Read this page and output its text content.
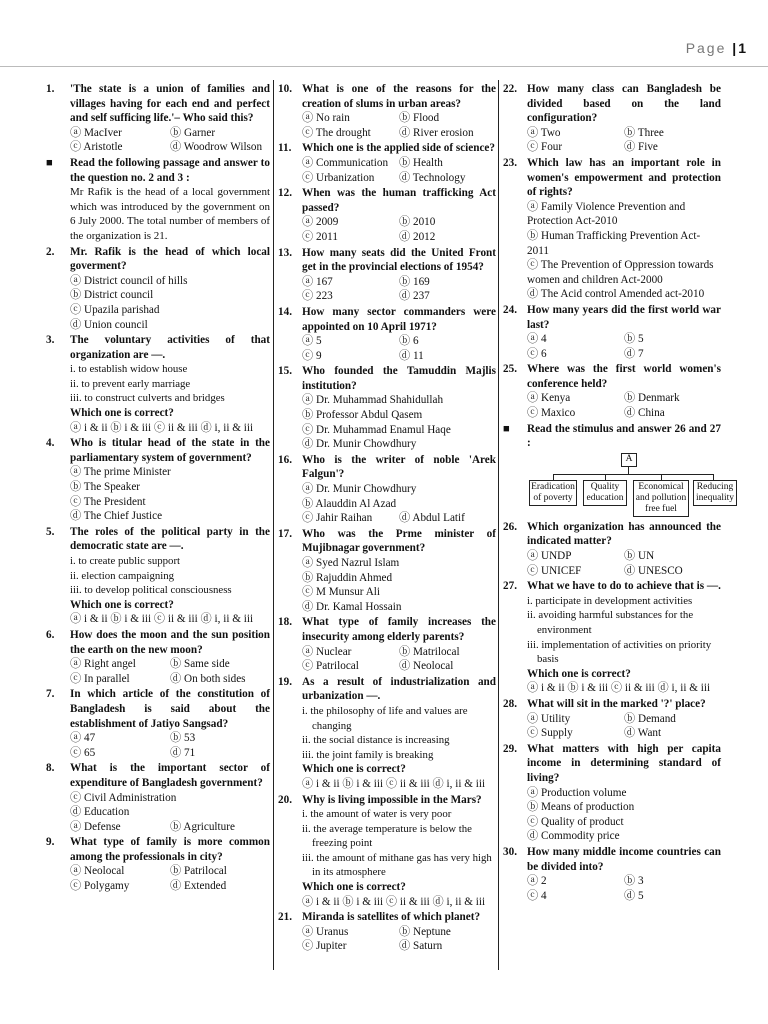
Page |1
1.	'The state is a union of families and villages having for each end and perfect and self sufficing life.'– Who said this?
ⓐ MacIver	ⓑ Garner
ⓒ Aristotle	ⓓ Woodrow Wilson
■	Read the following passage and answer to the question no. 2 and 3 :
Mr Rafik is the head of a local government which was introduced by the government on 6 July 2000. The total number of members of the organization is 21.
2.	Mr. Rafik is the head of which local goverment?
ⓐ District council of hills
ⓑ District council
ⓒ Upazila parishad
ⓓ Union council
3.	The voluntary activities of that organization are —.
i. to establish widow house
ii. to prevent early marriage
iii. to construct culverts and bridges
Which one is correct?
ⓐ i & ii ⓑ i & iii ⓒ ii & iii ⓓ i, ii & iii
4.	Who is titular head of the state in the parliamentary system of government?
ⓐ The prime Minister
ⓑ The Speaker
ⓒ The President
ⓓ The Chief Justice
5.	The roles of the political party in the democratic state are —.
i. to create public support
ii. election campaigning
iii. to develop political consciousness
Which one is correct?
ⓐ i & ii ⓑ i & iii ⓒ ii & iii ⓓ i, ii & iii
6.	How does the moon and the sun position the earth on the new moon?
ⓐ Right angel	ⓑ Same side
ⓒ In parallel	ⓓ On both sides
7.	In which article of the constitution of Bangladesh is said about the establishment of Jatiyo Sangsad?
ⓐ 47	ⓑ 53
ⓒ 65	ⓓ 71
8.	What is the important sector of expenditure of Bangladesh government?
ⓒ Civil Administration
ⓓ Education
ⓐ Defense	ⓑ Agriculture
9.	What type of family is more common among the professionals in city?
ⓐ Neolocal	ⓑ Patrilocal
ⓒ Polygamy	ⓓ Extended
10. What is one of the reasons for the creation of slums in urban areas?
ⓐ No rain	ⓑ Flood
ⓒ The drought	ⓓ River erosion
11. Which one is the applied side of science?
ⓐ Communication ⓑ Health
ⓒ Urbanization	ⓓ Technology
12. When was the human trafficking Act passed?
ⓐ 2009	ⓑ 2010
ⓒ 2011	ⓓ 2012
13. How many seats did the United Front get in the provincial elections of 1954?
ⓐ 167	ⓑ 169
ⓒ 223	ⓓ 237
14. How many sector commanders were appointed on 10 April 1971?
ⓐ 5	ⓑ 6
ⓒ 9	ⓓ 11
15. Who founded the Tamuddin Majlis institution?
ⓐ Dr. Muhammad Shahidullah
ⓑ Professor Abdul Qasem
ⓒ Dr. Muhammad Enamul Haqe
ⓓ Dr. Munir Chowdhury
16. Who is the writer of noble 'Arek Falgun'?
ⓐ Dr. Munir Chowdhury
ⓑ Alauddin Al Azad
ⓒ Jahir Raihan	ⓓ Abdul Latif
17. Who was the Prme minister of Mujibnagar government?
ⓐ Syed Nazrul Islam
ⓑ Rajuddin Ahmed
ⓒ M Munsur Ali
ⓓ Dr. Kamal Hossain
18. What type of family increases the insecurity among elderly parents?
ⓐ Nuclear	ⓑ Matrilocal
ⓒ Patrilocal	ⓓ Neolocal
19. As a result of industrialization and urbanization —.
i. the philosophy of life and values are changing
ii. the social distance is increasing
iii. the joint family is breaking
Which one is correct?
ⓐ i & ii ⓑ i & iii ⓒ ii & iii ⓓ i, ii & iii
20. Why is living impossible in the Mars?
i. the amount of water is very poor
ii. the average temperature is below the freezing point
iii. the amount of mithane gas has very high in its atmosphere
Which one is correct?
ⓐ i & ii ⓑ i & iii ⓒ ii & iii ⓓ i, ii & iii
21. Miranda is satellites of which planet?
ⓐ Uranus	ⓑ Neptune
ⓒ Jupiter	ⓓ Saturn
22. How many class can Bangladesh be divided based on the land configuration?
ⓐ Two	ⓑ Three
ⓒ Four	ⓓ Five
23. Which law has an important role in women's empowerment and protection of rights?
ⓐ Family Violence Prevention and Protection Act-2010
ⓑ Human Trafficking Prevention Act-2011
ⓒ The Prevention of Oppression towards women and children Act-2000
ⓓ The Acid control Amended act-2010
24. How many years did the first world war last?
ⓐ 4	ⓑ 5
ⓒ 6	ⓓ 7
25. Where was the first world women's conference held?
ⓐ Kenya	ⓑ Denmark
ⓒ Maxico	ⓓ China
■	Read the stimulus and answer 26 and 27 :
A
Eradication of poverty
Quality education
Economical and pollution free fuel
Reducing inequality
26. Which organization has announced the indicated matter?
ⓐ UNDP	ⓑ UN
ⓒ UNICEF	ⓓ UNESCO
27. What we have to do to achieve that is —.
i. participate in development activities
ii. avoiding harmful substances for the environment
iii. implementation of activities on priority basis
Which one is correct?
ⓐ i & ii ⓑ i & iii ⓒ ii & iii ⓓ i, ii & iii
28. What will sit in the marked '?' place?
ⓐ Utility	ⓑ Demand
ⓒ Supply	ⓓ Want
29. What matters with high per capita income in determining standard of living?
ⓐ Production volume
ⓑ Means of production
ⓒ Quality of product
ⓓ Commodity price
30. How many middle income countries can be divided into?
ⓐ 2	ⓑ 3
ⓒ 4	ⓓ 5
